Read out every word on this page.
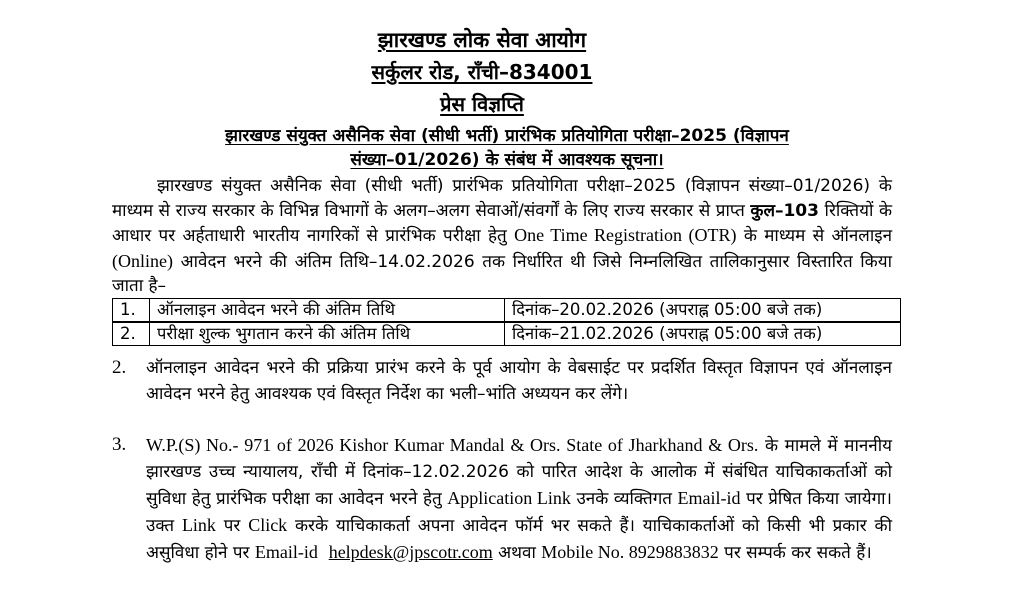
झारखण्ड लोक सेवा आयोग
सर्कुलर रोड, राँची–834001
प्रेस विज्ञप्ति
झारखण्ड संयुक्त असैनिक सेवा (सीधी भर्ती) प्रारंभिक प्रतियोगिता परीक्षा–2025 (विज्ञापन
संख्या–01/2026) के संबंध में आवश्यक सूचना।
झारखण्ड संयुक्त असैनिक सेवा (सीधी भर्ती) प्रारंभिक प्रतियोगिता परीक्षा–2025 (विज्ञापन संख्या–01/2026) के माध्यम से राज्य सरकार के विभिन्न विभागों के अलग–अलग सेवाओं/संवर्गों के लिए राज्य सरकार से प्राप्त कुल–103 रिक्तियों के आधार पर अर्हताधारी भारतीय नागरिकों से प्रारंभिक परीक्षा हेतु One Time Registration (OTR) के माध्यम से ऑनलाइन (Online) आवेदन भरने की अंतिम तिथि–14.02.2026 तक निर्धारित थी जिसे निम्नलिखित तालिकानुसार विस्तारित किया जाता है–
1.	ऑनलाइन आवेदन भरने की अंतिम तिथि	दिनांक–20.02.2026 (अपराह्न 05:00 बजे तक)
2.	परीक्षा शुल्क भुगतान करने की अंतिम तिथि	दिनांक–21.02.2026 (अपराह्न 05:00 बजे तक)
2. ऑनलाइन आवेदन भरने की प्रक्रिया प्रारंभ करने के पूर्व आयोग के वेबसाईट पर प्रदर्शित विस्तृत विज्ञापन एवं ऑनलाइन आवेदन भरने हेतु आवश्यक एवं विस्तृत निर्देश का भली–भांति अध्ययन कर लेंगे।
3. W.P.(S) No.- 971 of 2026 Kishor Kumar Mandal & Ors. State of Jharkhand & Ors. के मामले में माननीय झारखण्ड उच्च न्यायालय, राँची में दिनांक–12.02.2026 को पारित आदेश के आलोक में संबंधित याचिकाकर्ताओं को सुविधा हेतु प्रारंभिक परीक्षा का आवेदन भरने हेतु Application Link उनके व्यक्तिगत Email-id पर प्रेषित किया जायेगा। उक्त Link पर Click करके याचिकाकर्ता अपना आवेदन फॉर्म भर सकते हैं। याचिकाकर्ताओं को किसी भी प्रकार की असुविधा होने पर Email-id helpdesk@jpscotr.com अथवा Mobile No. 8929883832 पर सम्पर्क कर सकते हैं।
